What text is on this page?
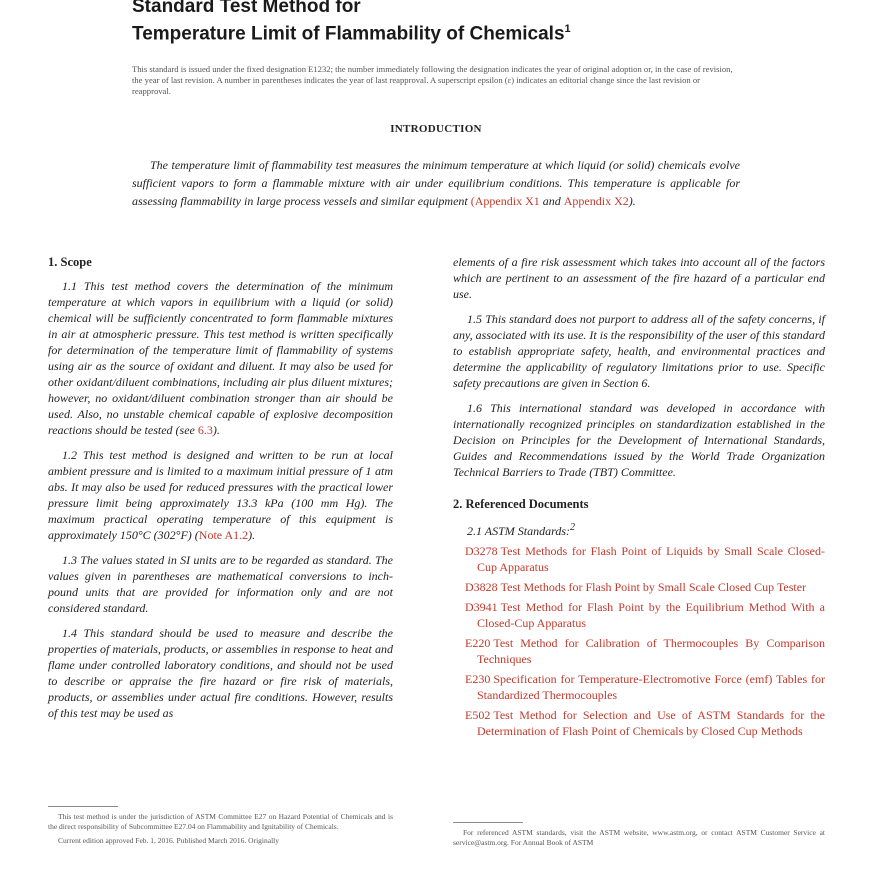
Standard Test Method for
Temperature Limit of Flammability of Chemicals$^1$
This standard is issued under the fixed designation E1232; the number immediately following the designation indicates the year of original adoption or, in the case of revision, the year of last revision. A number in parentheses indicates the year of last reapproval. A superscript epsilon (ε) indicates an editorial change since the last revision or reapproval.
INTRODUCTION
The temperature limit of flammability test measures the minimum temperature at which liquid (or solid) chemicals evolve sufficient vapors to form a flammable mixture with air under equilibrium conditions. This temperature is applicable for assessing flammability in large process vessels and similar equipment (Appendix X1 and Appendix X2).
1. Scope

1.1 This test method covers the determination of the minimum temperature at which vapors in equilibrium with a liquid (or solid) chemical will be sufficiently concentrated to form flammable mixtures in air at atmospheric pressure. This test method is written specifically for determination of the temperature limit of flammability of systems using air as the source of oxidant and diluent. It may also be used for other oxidant/diluent combinations, including air plus diluent mixtures; however, no oxidant/diluent combination stronger than air should be used. Also, no unstable chemical capable of explosive decomposition reactions should be tested (see 6.3).

1.2 This test method is designed and written to be run at local ambient pressure and is limited to a maximum initial pressure of 1 atm abs. It may also be used for reduced pressures with the practical lower pressure limit being approximately 13.3 kPa (100 mm Hg). The maximum practical operating temperature of this equipment is approximately 150°C (302°F) (Note A1.2).

1.3 The values stated in SI units are to be regarded as standard. The values given in parentheses are mathematical conversions to inch-pound units that are provided for information only and are not considered standard.

1.4 This standard should be used to measure and describe the properties of materials, products, or assemblies in response to heat and flame under controlled laboratory conditions, and should not be used to describe or appraise the fire hazard or fire risk of materials, products, or assemblies under actual fire conditions. However, results of this test may be used as

elements of a fire risk assessment which takes into account all of the factors which are pertinent to an assessment of the fire hazard of a particular end use.

1.5 This standard does not purport to address all of the safety concerns, if any, associated with its use. It is the responsibility of the user of this standard to establish appropriate safety, health, and environmental practices and determine the applicability of regulatory limitations prior to use. Specific safety precautions are given in Section 6.

1.6 This international standard was developed in accordance with internationally recognized principles on standardization established in the Decision on Principles for the Development of International Standards, Guides and Recommendations issued by the World Trade Organization Technical Barriers to Trade (TBT) Committee.

2. Referenced Documents
2.1 ASTM Standards:$^2$
D3278 Test Methods for Flash Point of Liquids by Small Scale Closed-Cup Apparatus
D3828 Test Methods for Flash Point by Small Scale Closed Cup Tester
D3941 Test Method for Flash Point by the Equilibrium Method With a Closed-Cup Apparatus
E220 Test Method for Calibration of Thermocouples By Comparison Techniques
E230 Specification for Temperature-Electromotive Force (emf) Tables for Standardized Thermocouples
E502 Test Method for Selection and Use of ASTM Standards for the Determination of Flash Point of Chemicals by Closed Cup Methods

This test method is under the jurisdiction of ASTM Committee E27 on Hazard Potential of Chemicals and is the direct responsibility of Subcommittee E27.04 on Flammability and Ignitability of Chemicals.

Current edition approved Feb. 1, 2016. Published March 2016. Originally

For referenced ASTM standards, visit the ASTM website, www.astm.org, or contact ASTM Customer Service at service@astm.org. For Annual Book of ASTM
